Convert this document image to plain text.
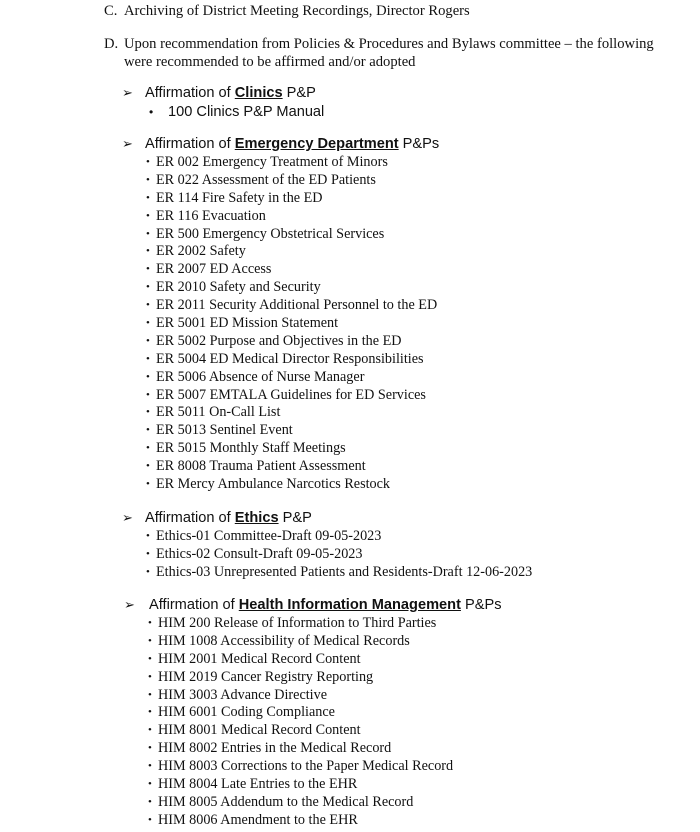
C. Archiving of District Meeting Recordings, Director Rogers
D. Upon recommendation from Policies & Procedures and Bylaws committee – the following were recommended to be affirmed and/or adopted
➢ Affirmation of Clinics P&P
• 100 Clinics P&P Manual
➢ Affirmation of Emergency Department P&Ps
• ER 002 Emergency Treatment of Minors
• ER 022 Assessment of the ED Patients
• ER 114 Fire Safety in the ED
• ER 116 Evacuation
• ER 500 Emergency Obstetrical Services
• ER 2002 Safety
• ER 2007 ED Access
• ER 2010 Safety and Security
• ER 2011 Security Additional Personnel to the ED
• ER 5001 ED Mission Statement
• ER 5002 Purpose and Objectives in the ED
• ER 5004 ED Medical Director Responsibilities
• ER 5006 Absence of Nurse Manager
• ER 5007 EMTALA Guidelines for ED Services
• ER 5011 On-Call List
• ER 5013 Sentinel Event
• ER 5015 Monthly Staff Meetings
• ER 8008 Trauma Patient Assessment
• ER Mercy Ambulance Narcotics Restock
➢ Affirmation of Ethics P&P
• Ethics-01 Committee-Draft 09-05-2023
• Ethics-02 Consult-Draft 09-05-2023
• Ethics-03 Unrepresented Patients and Residents-Draft 12-06-2023
➢ Affirmation of Health Information Management P&Ps
• HIM 200 Release of Information to Third Parties
• HIM 1008 Accessibility of Medical Records
• HIM 2001 Medical Record Content
• HIM 2019 Cancer Registry Reporting
• HIM 3003 Advance Directive
• HIM 6001 Coding Compliance
• HIM 8001 Medical Record Content
• HIM 8002 Entries in the Medical Record
• HIM 8003 Corrections to the Paper Medical Record
• HIM 8004 Late Entries to the EHR
• HIM 8005 Addendum to the Medical Record
• HIM 8006 Amendment to the EHR
